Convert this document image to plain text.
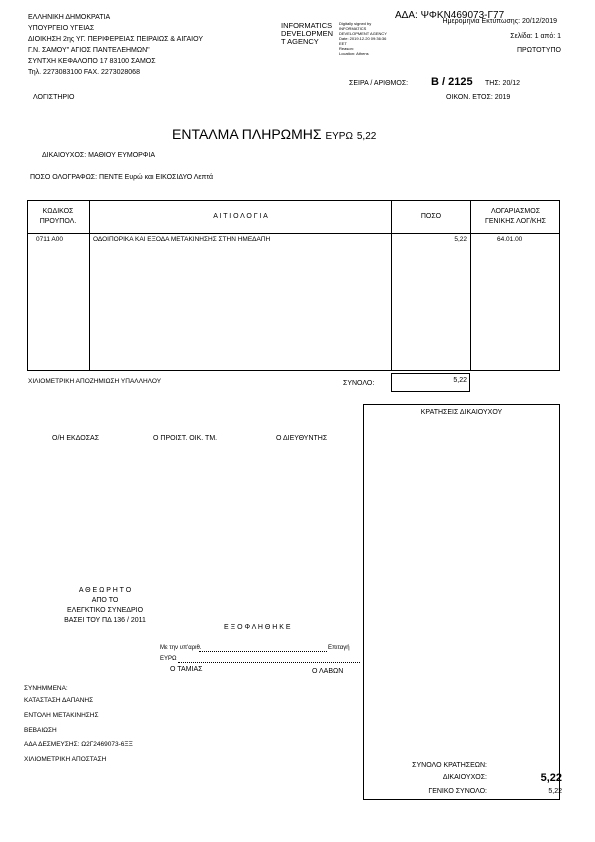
ΕΛΛΗΝΙΚΗ ΔΗΜΟΚΡΑΤΙΑ
ΥΠΟΥΡΓΕΙΟ ΥΓΕΙΑΣ
ΔΙΟΙΚΗΣΗ 2ης ΥΓ. ΠΕΡΙΦΕΡΕΙΑΣ ΠΕΙΡΑΙΩΣ & ΑΙΓΑΙΟΥ
Γ.Ν. ΣΑΜΟΥ" ΑΓΙΟΣ ΠΑΝΤΕΛΕΗΜΩΝ"
ΣΥΝΤΧΗ ΚΕΦΑΛΟΠΟ 17 83100 ΣΑΜΟΣ
Τηλ. 2273083100 FAX. 2273028068
ΛΟΓΙΣΤΗΡΙΟ
INFORMATICS
DEVELOPMEN
T AGENCY
Digitally signed by
INFORMATICS
DEVELOPMENT AGENCY
Date: 2019.12.20 09:36:36
EET
Reason:
Location: Athens
ΑΔΑ: ΨΦΚΝ469073-Γ77
Ημερομηνία Εκτύπωσης: 20/12/2019
Σελίδα: 1 από: 1
ΠΡΩΤΟΤΥΠΟ
ΣΕΙΡΑ / ΑΡΙΘΜΟΣ: Β / 2125 ΤΗΣ: 20/12
ΟΙΚΟΝ. ΕΤΟΣ: 2019
ΕΝΤΑΛΜΑ ΠΛΗΡΩΜΗΣ ΕΥΡΩ 5,22
ΔΙΚΑΙΟΥΧΟΣ: ΜΑΘΙΟΥ ΕΥΜΟΡΦΙΑ
ΠΟΣΟ ΟΛΟΓΡΑΦΩΣ: ΠΕΝΤΕ Ευρώ και ΕΙΚΟΣΙΔΥΟ Λεπτά
ΚΩΔΙΚΟΣ
ΠΡΟΥΠΟΛ.
Α Ι Τ Ι Ο Λ Ο Γ Ι Α	ΠΟΣΟ
ΛΟΓΑΡΙΑΣΜΟΣ
ΓΕΝΙΚΗΣ ΛΟΓ/ΚΗΣ
0711 Α00	ΟΔΟΙΠΟΡΙΚΑ ΚΑΙ ΕΞΟΔΑ ΜΕΤΑΚΙΝΗΣΗΣ ΣΤΗΝ ΗΜΕΔΑΠΗ	5,22	64.01.00
ΧΙΛΙΟΜΕΤΡΙΚΗ ΑΠΟΖΗΜΙΩΣΗ ΥΠΑΛΛΗΛΟΥ	ΣΥΝΟΛΟ:	5,22
Ο/Η ΕΚΔΟΣΑΣ	Ο ΠΡΟΙΣΤ. ΟΙΚ. ΤΜ.	Ο ΔΙΕΥΘΥΝΤΗΣ
Α Θ Ε Ω Ρ Η Τ Ο
ΑΠΟ ΤΟ
ΕΛΕΓΚΤΙΚΟ ΣΥΝΕΔΡΙΟ
ΒΑΣΕΙ ΤΟΥ ΠΔ 136 / 2011
Ε Ξ Ο Φ Λ Η Θ Η Κ Ε
Με την υπ'αριθ.	Επιταγή
ΕΥΡΩ
Ο ΤΑΜΙΑΣ	Ο ΛΑΒΩΝ
ΣΥΝΗΜΜΕΝΑ:
ΚΑΤΑΣΤΑΣΗ ΔΑΠΑΝΗΣ
ΕΝΤΟΛΗ ΜΕΤΑΚΙΝΗΣΗΣ
ΒΕΒΑΙΩΣΗ
ΑΔΑ ΔΕΣΜΕΥΣΗΣ: Ω2Γ2469073-6ΞΞ
ΧΙΛΙΟΜΕΤΡΙΚΗ ΑΠΟΣΤΑΣΗ
ΚΡΑΤΗΣΕΙΣ ΔΙΚΑΙΟΥΧΟΥ
ΣΥΝΟΛΟ ΚΡΑΤΗΣΕΩΝ:
ΔΙΚΑΙΟΥΧΟΣ:	5,22
ΓΕΝΙΚΟ ΣΥΝΟΛΟ:	5,22
